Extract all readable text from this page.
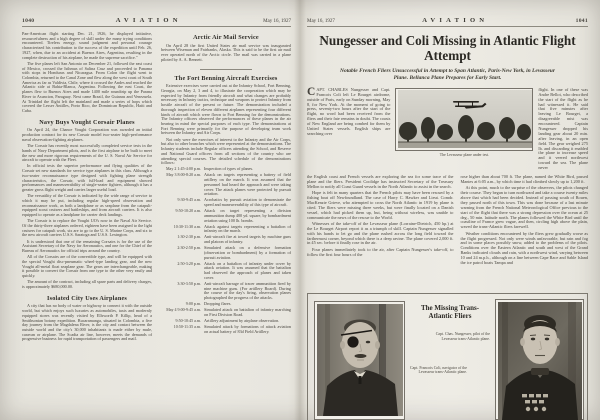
1040	AVIATION	May 16, 1927

Pan-American flight starting Dec. 21, 1926, he displayed initiative, resourcefulness and a high degree of skill under the many trying conditions encountered. Tireless energy, sound judgment and personal courage characterized his contribution to the success of the expedition until Feb. 26, 1927, when, due to an accident at Buenos Aires, Argentina, resulting in the complete destruction of his airplane, he made the supreme sacrifice."

The five planes left San Antonio on December 21, followed the east coast of Mexico, crossed the Isthmus of Salina Cruz and proceeded to Panama with stops in Honduras and Nicaragua. From Colon the flight went to Colombia, returned to the Canal Zone and flew along the west coast of South America as far as Valdivia, Chile, where it crossed the Andes and reached the Atlantic side at Bahia-Blanca, Argentina. Following the east Coast, the planes flew to Buenos Aires and made 1400 mile roundtrip up the Parana River to Asuncion, Paraguay. Next came Brazil, the Guianas and Venezuela. At Trinidad the flight left the mainland and made a series of hops which covered the Lesser Antilles, Porto Rico, the Dominican Republic, Haiti and Cuba.

Navy Buys Vought Corsair Planes

On April 24, the Chance Vought Corporation was awarded an initial production contract for its new Corsair model two-seater high-performance naval observation-fighting airplanes.

The Corsair has recently most successfully completed service tests in the hands of Navy Department pilots, and is the first airplane to be built to meet the new and more rigorous requirements of the U. S. Naval Air Service for aircraft to operate with the Fleet.

In official tests the superior performance and flying qualities of the Corsair set new standards for service type airplanes in this class. Although a two-seater reconnaissance type designed with fighting plane strength characteristics, the Corsair, with full-load and equipment showed performances and maneuverability of single-seater fighters, although it has a greater gross flight weight and carries larger useful load.

The versatility of the Corsair is indicated by the wide range of service to which it may be put, including regular high-speed observation and reconnaissance work, as both a landplane or as seaplane from the catapult-equipped scout cruisers and battleships, and from aircraft carriers. It is also equipped to operate as a landplane for carrier deck landings.

The Corsair is to replace the Vought UO's now in the Naval Air Service. Of the thirty-three airplanes ordered, eighteen have been assigned to the light cruisers for catapult work, six are to go to the U. S. Marine Corps, and six to the new aircraft carriers U.S.S. Saratoga and U.S.S. Lexington.

It is understood that one of the remaining Corsairs is for the use of the Assistant Secretary of the Navy for Aeronautics, and one for the Chief of the Bureau of Aeronautics for official trips around the country.

All of the Corsairs are of the convertible type, and will be equipped with the special Vought disc-pneumatic wheel-type landing gear, and the new Vought all-metal float seaplane gear. The gears are interchangeable, making it possible to convert the Corsair from one type to the other very easily and quickly.

The amount of the contract, including all spare parts and delivery charges, is approximately $680,000.00.

Isolated City Uses Airplanes

A city that has no body of water or highway to connect it with the outside world, but which enjoys such luxuries as automobiles, taxis and modernly equipped stores was recently visited by Ellsworth P. Killip, head of a Smithsonian botany expedition. Bucaramanga, situated in Colombia, a five day journey from the Magdalena River, is the city and contact between the outside world and the city's 30,000 inhabitants is made either by mule, caravan or airplane. The Scadta air line, however, meets the demands of progressive business for rapid transportation of passengers and mail.

Arctic Air Mail Service

On April 28 the first United States air mail service was inaugurated between Wiseman and Fairbanks, Alaska. This is said to be the first air mail ever operated north of the Arctic circle. The mail was carried in a plane piloted by A. A. Bennett.

The Fort Benning Aircraft Exercises

Extensive exercises were carried out at the Infantry School, Fort Benning, Georgia, on May 2, 3 and 4, to illustrate the cooperation which may be expected by Infantry from friendly aircraft and what changes are probably necessary in Infantry tactics, technique and weapons to protect Infantry from hostile aircraft of the present or future. The demonstration included a thorough inspection of eleven different airplanes representing four different kinds of aircraft which were flown to Fort Benning for the demonstrations. The Infantry officers observed the performances of these planes in the air bearing in mind the special purposes of each type. The demonstrations at Fort Benning were primarily for the purpose of developing team work between the Infantry and Air Corps.

Not only were the exercises of interest to the Infantry and the Air Corps, but also to other branches which were represented at the demonstrations. The Infantry students include Regular officers attending the School, and Reserve and National Guard officers from all sections of the country who are attending special courses. The detailed schedule of the demonstrations follows:

May 2 1:45-4:00 p.m. Inspection of types of planes.
May 3 8:00-8:20 a.m. Attack on targets representing a battery of field artillery on the march. It was assumed that the personnel had heard the approach and were taking cover. The attack planes were protected by pursuit aviation.
9:30-9:45 a.m. Acrobatics by pursuit aviation to demonstrate the speed and maneuverability of this type of aircraft.
9:50-10:20 a.m. Attack on target representing a division ammunition dump 400 yd. square, by bombardment aviation using 100 lb. bombs.
10:30-11:30 a.m. Attack against targets representing a battalion of infantry on the march.
1:30-2:30 p.m. Anti-aircraft fire at towed targets by machine guns and platoon of infantry.
2:30-2:50 p.m. Simulated attack on a defensive formation (observation or bombardment) by a formation of pursuit aviation.
2:50-3:20 p.m. Attack on a battalion of infantry under cover by attack aviation. It was assumed that the battalion had observed the approach of planes and taken cover.
3:30-3:50 p.m. Anti-aircraft barrage of tracer ammunition fired by nine machine guns. (For artillery Board). During the course of the day's firing, observation planes photographed the progress of the attacks.
9:00 p.m. Dropping flares.
May 4 9:00-9:45 a.m. Simulated attack on battalion of infantry marching on First Division Road.
9:50-10:45 a.m. Artillery adjustment by airplane observation.
10:50-11:35 a.m. Simulated attack by formations of attack aviation on actual battery of 83d Field Artillery.
May 16, 1927	AVIATION	1041
Nungesser and Coli Missing in Atlantic Flight Attempt
Notable French Fliers Unsuccessful in Attempt to Span Atlantic, Paris-New York, in Levasseur Plane. Bellanca Plane Prepares for Early Start.
CAPT. CHARLES Nungesser and Capt. Francois Coli left Le Bourget airdrome, outside of Paris, early on Sunday morning, May 8, for New York. At the moment of going to press, seventy-two hours after the start of the flight, no word had been received from the fliers and their fate remains in doubt. The coasts of New England are being combed for them by United States vessels. English ships are searching over
The Levasseur plane under test.
flight. In one of these was Andre Bellot, who described the start of the flight as he had witnessed it. He said that five minutes after leaving Le Bourget, a disagreeable mist was encountered. Captain Nungesser dropped his landing gear about 20 min. after leaving, in an open field. The gear weighed 275 lb. and discarding it enabled the plane to increase speed and it veered northwest toward the sea. The plane never

the English coast and French vessels are exploring the sea for some trace of the plane and the fliers. President Coolidge has instructed Secretary of the Treasury Mellon to notify all Coast Guard vessels in the North Atlantic to assist in the search.

Hope is felt in many quarters that the French pilots may have been rescued by a fishing boat off Newfoundland. The case of Harry C. Hawker and Lieut. Comdr. MacKenzie Grieve, who attempted to cross the North Atlantic in 1919 by plane is cited. The fliers were missing three weeks, but were finally located on a Danish vessel, which had picked them up, but, being without wireless, was unable to communicate the news of the rescue to the World.

Witnesses of the take-off of the Levasseur plane (Lorraine-Dietrich, 450 hp.) at the Le Bourget Airport report it as a triumph of skill. Captain Nungesser signalled with his hands to let go and the plane rushed across the long field toward the farthermost corner, beyond which there is a deep ravine. The plane covered 2,000 ft. in 45 sec. before it finally rose in the air.

Four planes immediately took to the air, after Captain Nungesser's take-off, to follow the first four hours of the

rose higher than about 700 ft. The plane, named the White Bird, passed Mantes at 6:05 a.m., by which time it had climbed slowly up to 1,200 ft.

At this point, much to the surprise of the observers, the pilots changed their course. They began to turn northward and take a course twenty miles above that which had been decided. Instead of passing south of Rouen, they passed north of this town. This was done because of a last minute warning from the French National Meteorological Office previous to the start of the flight that there was a strong depression over the ocean at 25 deg., 50 min. latitude north. The planes followed the White Bird until the coastline of France grew vague, and then, circling high above the plain, waved the trans-Atlantic fliers farewell.

Weather conditions encountered by the fliers grew gradually worse as the flight progressed. Not only were winds unfavorable, but rain and fog and in some places possibly snow, added to the problems of the pilots. Conditions over the Eastern Atlantic and south and west of the Grand Banks indicated clouds and rain, with a northwest wind, varying between 10 and 24 m.p.h., although on a line between Cape Race and Sable Island the ice patrol boats Tampa and

The Missing Trans-Atlantic Fliers
Capt. Chas. Nungesser, pilot of the Levasseur trans-Atlantic plane.
Capt. Francois Coli, navigator of the Levasseur trans-Atlantic plane.
